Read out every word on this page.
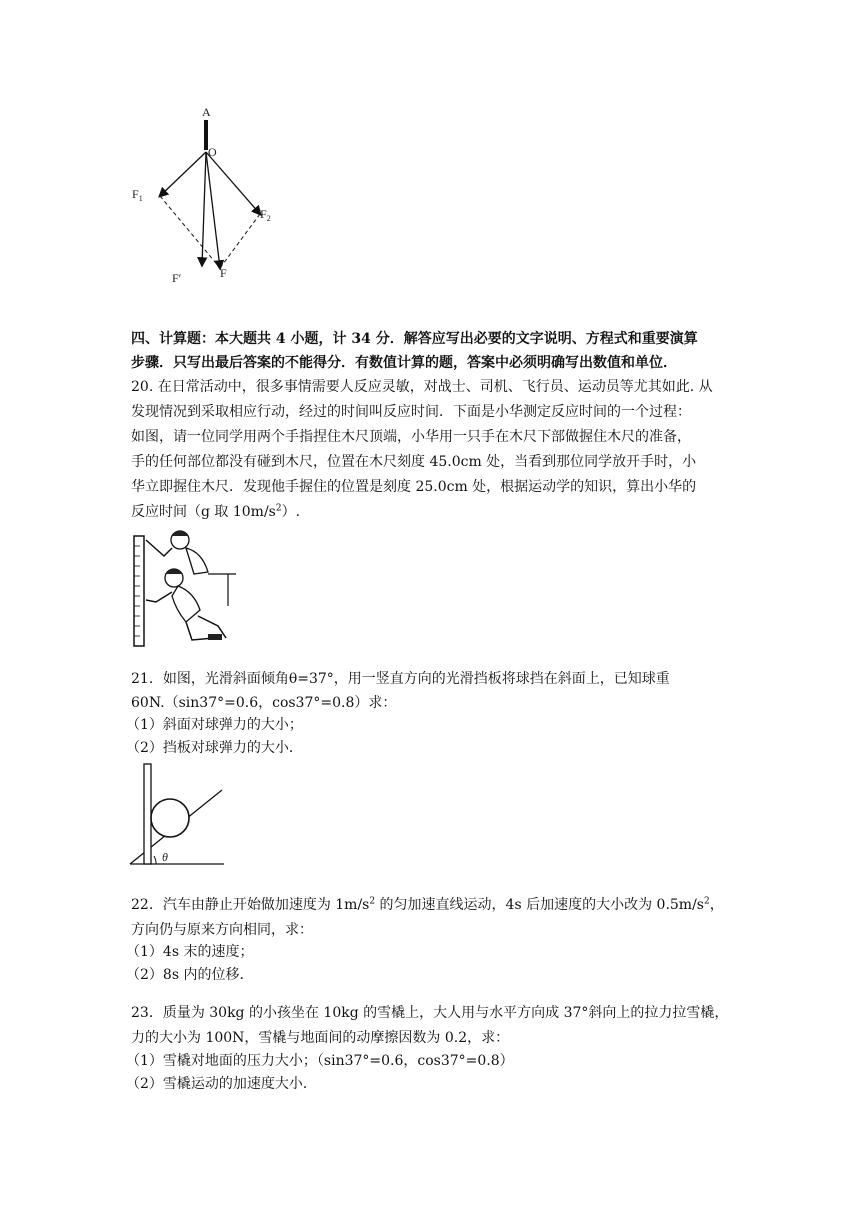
A
O
$F_1$
$F_2$
F′	F
四、计算题：本大题共 4 小题，计 34 分．解答应写出必要的文字说明、方程式和重要演算
步骤．只写出最后答案的不能得分．有数值计算的题，答案中必须明确写出数值和单位．
20. 在日常活动中，很多事情需要人反应灵敏，对战士、司机、飞行员、运动员等尤其如此. 从
发现情况到采取相应行动，经过的时间叫反应时间．下面是小华测定反应时间的一个过程：
如图，请一位同学用两个手指捏住木尺顶端，小华用一只手在木尺下部做握住木尺的准备，
手的任何部位都没有碰到木尺，位置在木尺刻度 45.0cm 处，当看到那位同学放开手时，小
华立即握住木尺．发现他手握住的位置是刻度 25.0cm 处，根据运动学的知识，算出小华的
反应时间（g 取 $10m/s^2$）.
21．如图，光滑斜面倾角θ=37°，用一竖直方向的光滑挡板将球挡在斜面上，已知球重
60N.（sin37°=0.6，cos37°=0.8）求：
（1）斜面对球弹力的大小；
（2）挡板对球弹力的大小．
θ
22．汽车由静止开始做加速度为 $1m/s^2$ 的匀加速直线运动，4s 后加速度的大小改为 $0.5m/s^2$，
方向仍与原来方向相同，求：
（1）4s 末的速度；
（2）8s 内的位移．
23．质量为 30kg 的小孩坐在 10kg 的雪橇上，大人用与水平方向成 37°斜向上的拉力拉雪橇，
力的大小为 100N，雪橇与地面间的动摩擦因数为 0.2，求：
（1）雪橇对地面的压力大小；（sin37°=0.6，cos37°=0.8）
（2）雪橇运动的加速度大小．
